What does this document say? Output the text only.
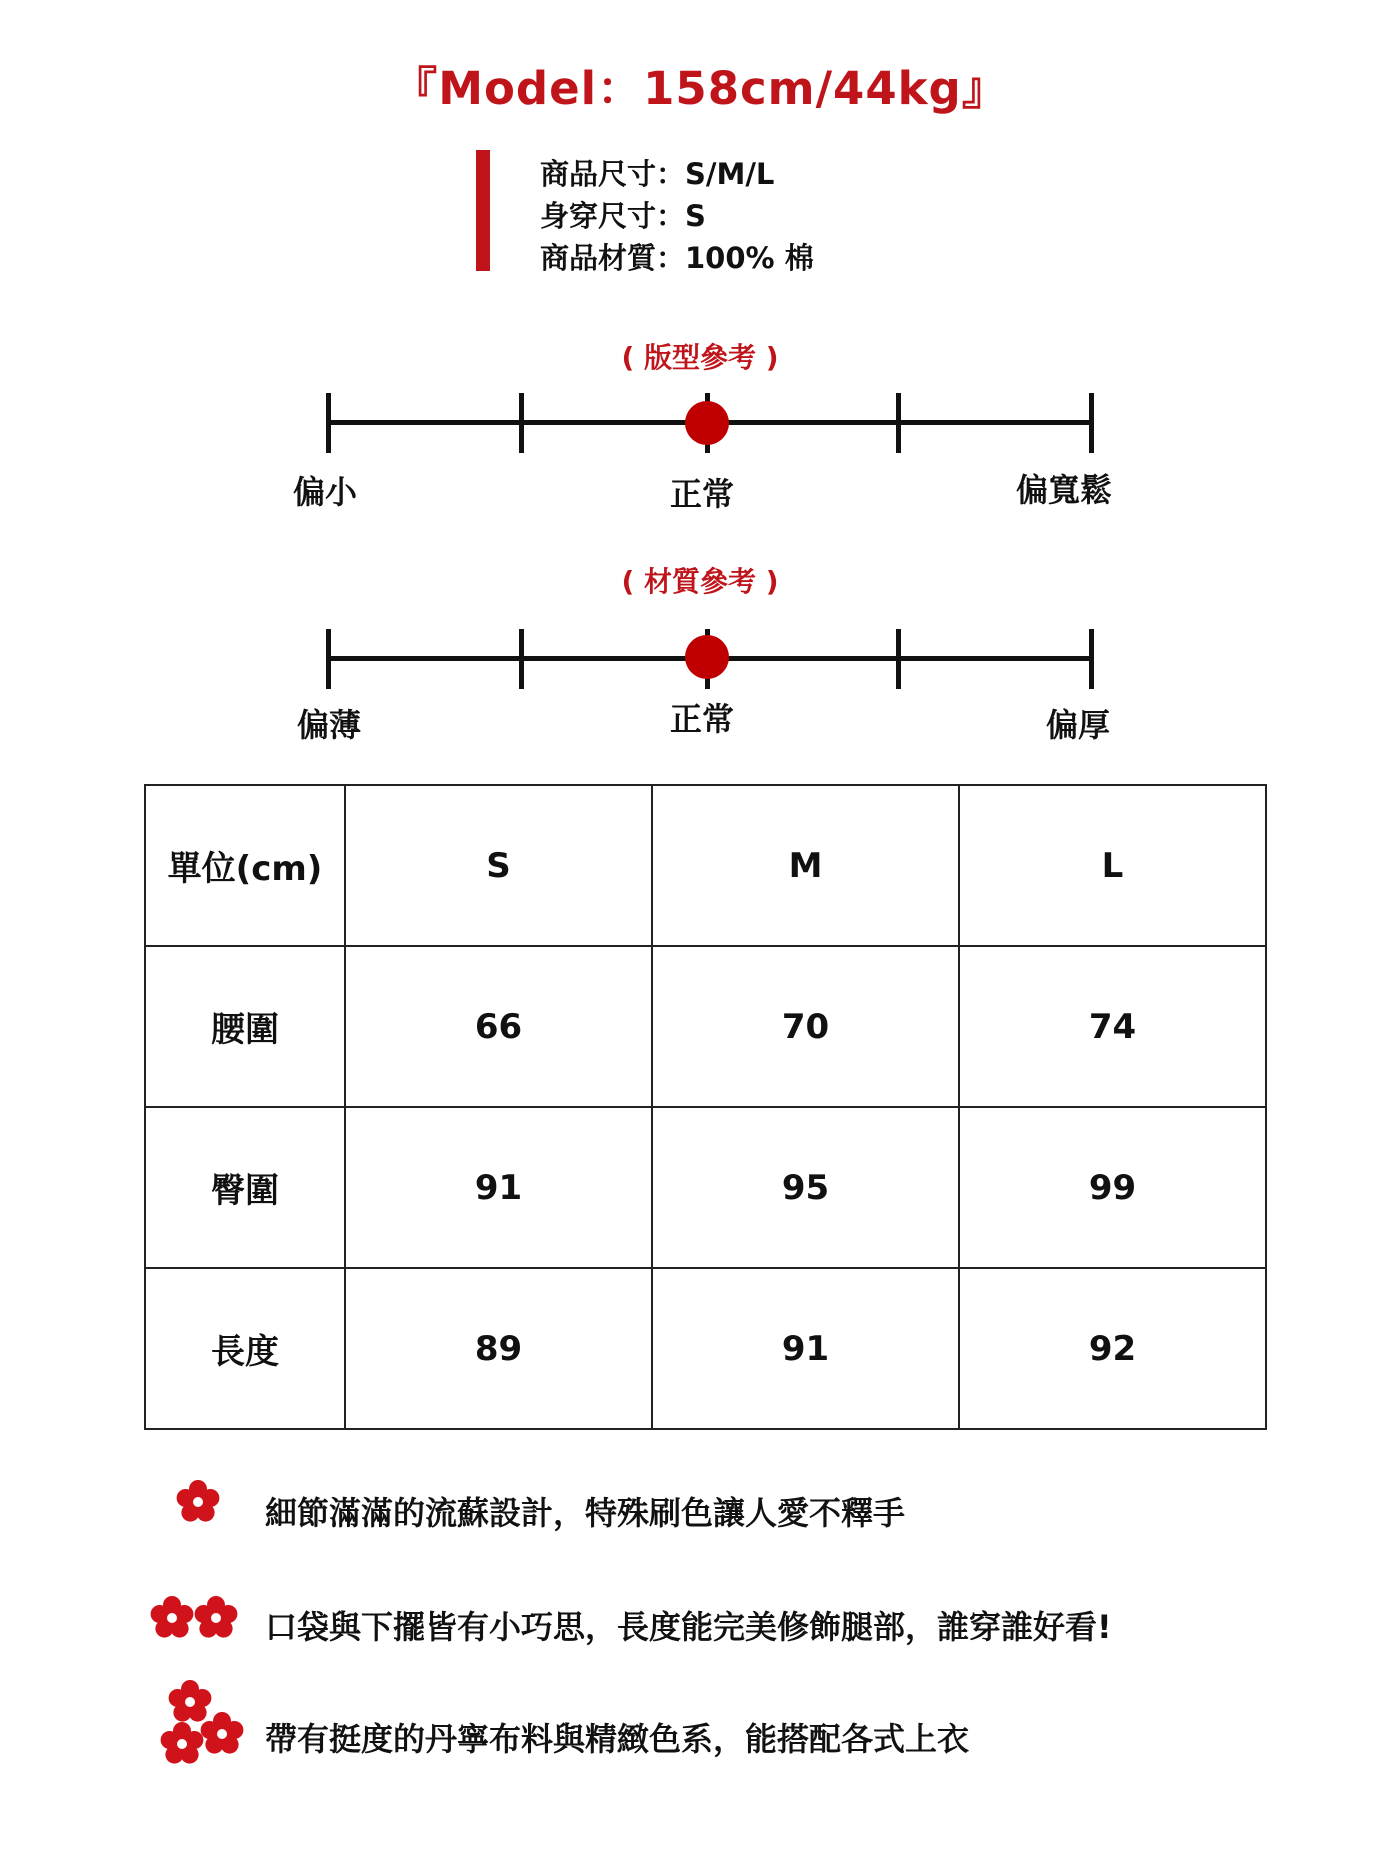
『Model：158cm/44kg』
商品尺寸：S/M/L
身穿尺寸：S
商品材質：100% 棉
( 版型參考 )
偏小	正常	偏寬鬆
( 材質參考 )
偏薄	正常	偏厚
單位(cm)	S	M	L
腰圍	66	70	74
臀圍	91	95	99
長度	89	91	92
細節滿滿的流蘇設計，特殊刷色讓人愛不釋手
口袋與下擺皆有小巧思，長度能完美修飾腿部，誰穿誰好看!
帶有挺度的丹寧布料與精緻色系，能搭配各式上衣
